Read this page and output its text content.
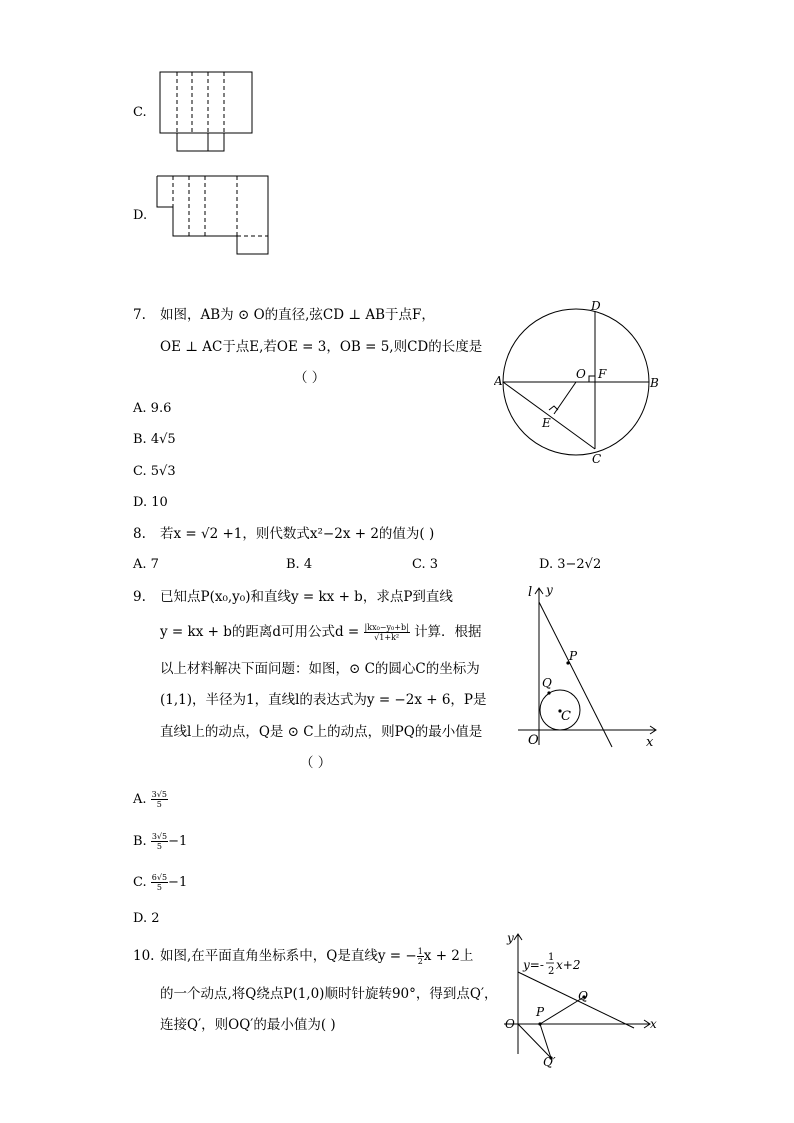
C.
D.
7. 如图，AB为 ⊙ O的直径,弦CD ⊥ AB于点F，
OE ⊥ AC于点E,若OE = 3，OB = 5,则CD的长度是
（ ）	A	B
C
D
O
E
F
A. 9.6
B. 4√5
C. 5√3
D. 10
8. 若x = √2 +1，则代数式x²−2x + 2的值为( )
A. 7	B. 4	C. 3	D. 3−2√2
9. 已知点P(x₀,y₀)和直线y = kx + b，求点P到直线
y = kx + b的距离d可用公式$d = \frac{\text{|kx₀−y₀+b|}}{\text{√1+k²}}$ 计算．根据
以上材料解决下面问题：如图，⊙ C的圆心C的坐标为
(1,1)，半径为1，直线l的表达式为y = −2x + 6，P是
直线l上的动点，Q是 ⊙ C上的动点，则PQ的最小值是
（ ）
l y
P
Q
C
O	x
A. $\frac{3√5}{5}$
B. $\frac{3√5}{5} -1$
C. $\frac{6√5}{5} -1$
D. 2
10. 如图,在平面直角坐标系中，Q是直线y = − $\frac{1}{2}$ x + 2上
的一个动点,将Q绕点P(1,0)顺时针旋转90°，得到点Q′，
连接Q′，则OQ′的最小值为( )
y
y=-
1
2 x+2
Q
P
O	x
Q′
